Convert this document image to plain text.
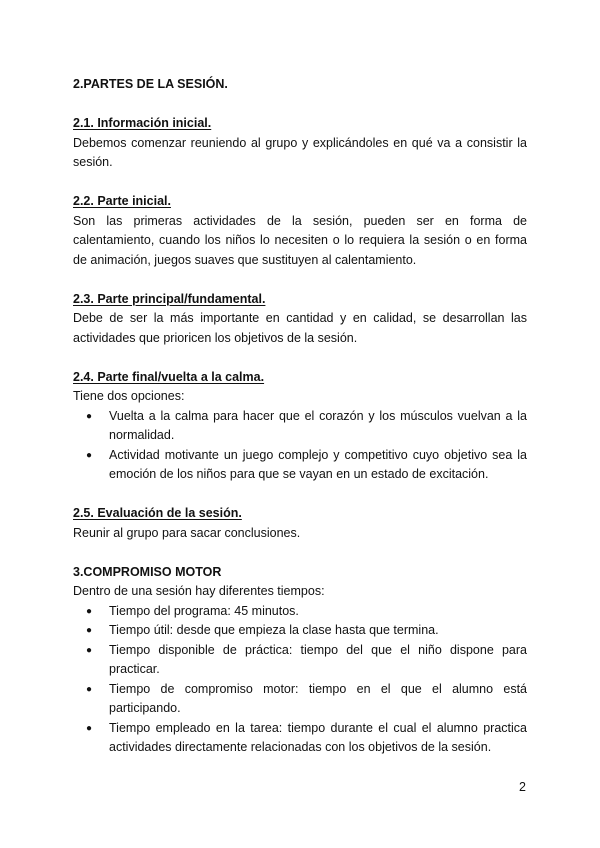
2.PARTES DE LA SESIÓN.

2.1. Información inicial.

Debemos comenzar reuniendo al grupo y explicándoles en qué va a consistir la sesión.

2.2. Parte inicial.

Son las primeras actividades de la sesión, pueden ser en forma de calentamiento, cuando los niños lo necesiten o lo requiera la sesión o en forma de animación, juegos suaves que sustituyen al calentamiento.

2.3. Parte principal/fundamental.

Debe de ser la más importante en cantidad y en calidad, se desarrollan las actividades que prioricen los objetivos de la sesión.

2.4. Parte final/vuelta a la calma.

Tiene dos opciones:

● Vuelta a la calma para hacer que el corazón y los músculos vuelvan a la normalidad.
● Actividad motivante un juego complejo y competitivo cuyo objetivo sea la emoción de los niños para que se vayan en un estado de excitación.

2.5. Evaluación de la sesión.

Reunir al grupo para sacar conclusiones.

3.COMPROMISO MOTOR

Dentro de una sesión hay diferentes tiempos:

● Tiempo del programa: 45 minutos.
● Tiempo útil: desde que empieza la clase hasta que termina.
● Tiempo disponible de práctica: tiempo del que el niño dispone para practicar.
● Tiempo de compromiso motor: tiempo en el que el alumno está participando.
● Tiempo empleado en la tarea: tiempo durante el cual el alumno practica actividades directamente relacionadas con los objetivos de la sesión.
2
